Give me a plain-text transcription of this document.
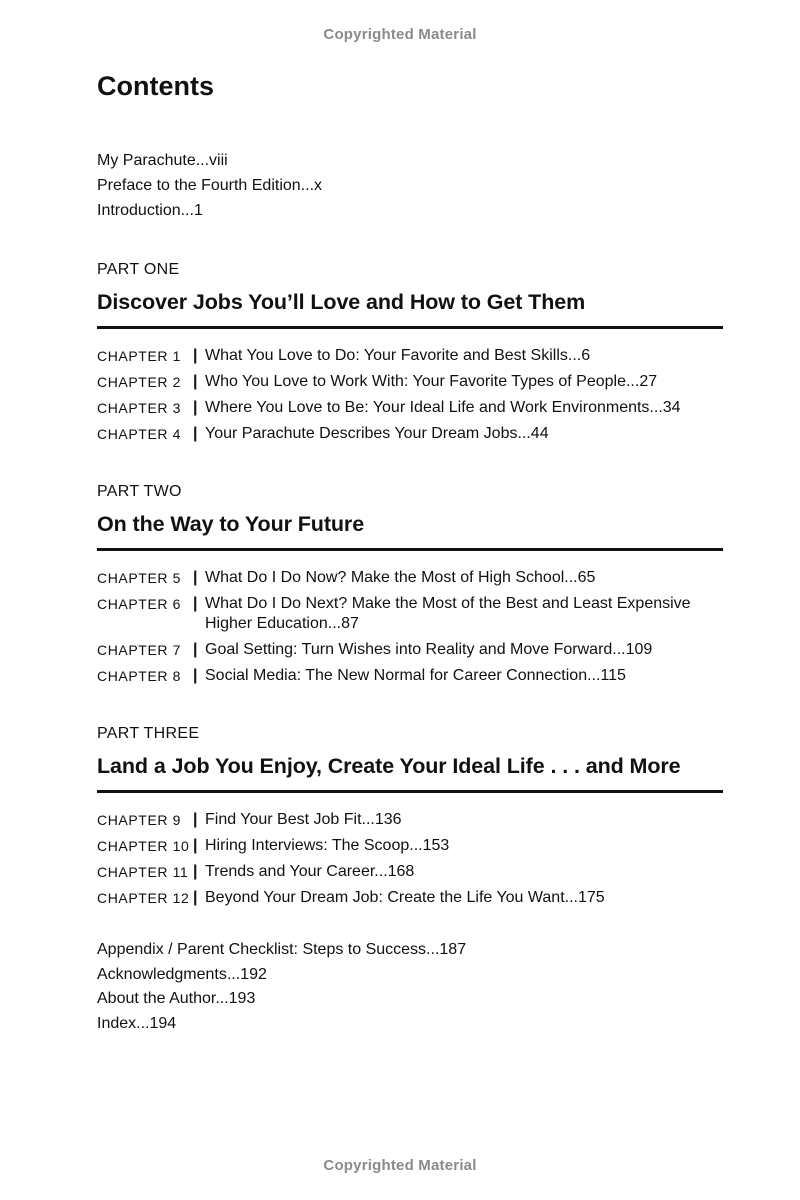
Copyrighted Material
Contents
My Parachute...viii
Preface to the Fourth Edition...x
Introduction...1
PART ONE
Discover Jobs You’ll Love and How to Get Them
CHAPTER 1 | What You Love to Do: Your Favorite and Best Skills...6
CHAPTER 2 | Who You Love to Work With: Your Favorite Types of People...27
CHAPTER 3 | Where You Love to Be: Your Ideal Life and Work Environments...34
CHAPTER 4 | Your Parachute Describes Your Dream Jobs...44
PART TWO
On the Way to Your Future
CHAPTER 5 | What Do I Do Now? Make the Most of High School...65
CHAPTER 6 | What Do I Do Next? Make the Most of the Best and Least Expensive Higher Education...87
CHAPTER 7 | Goal Setting: Turn Wishes into Reality and Move Forward...109
CHAPTER 8 | Social Media: The New Normal for Career Connection...115
PART THREE
Land a Job You Enjoy, Create Your Ideal Life . . . and More
CHAPTER 9 | Find Your Best Job Fit...136
CHAPTER 10 | Hiring Interviews: The Scoop...153
CHAPTER 11 | Trends and Your Career...168
CHAPTER 12 | Beyond Your Dream Job: Create the Life You Want...175
Appendix / Parent Checklist: Steps to Success...187
Acknowledgments...192
About the Author...193
Index...194
Copyrighted Material
